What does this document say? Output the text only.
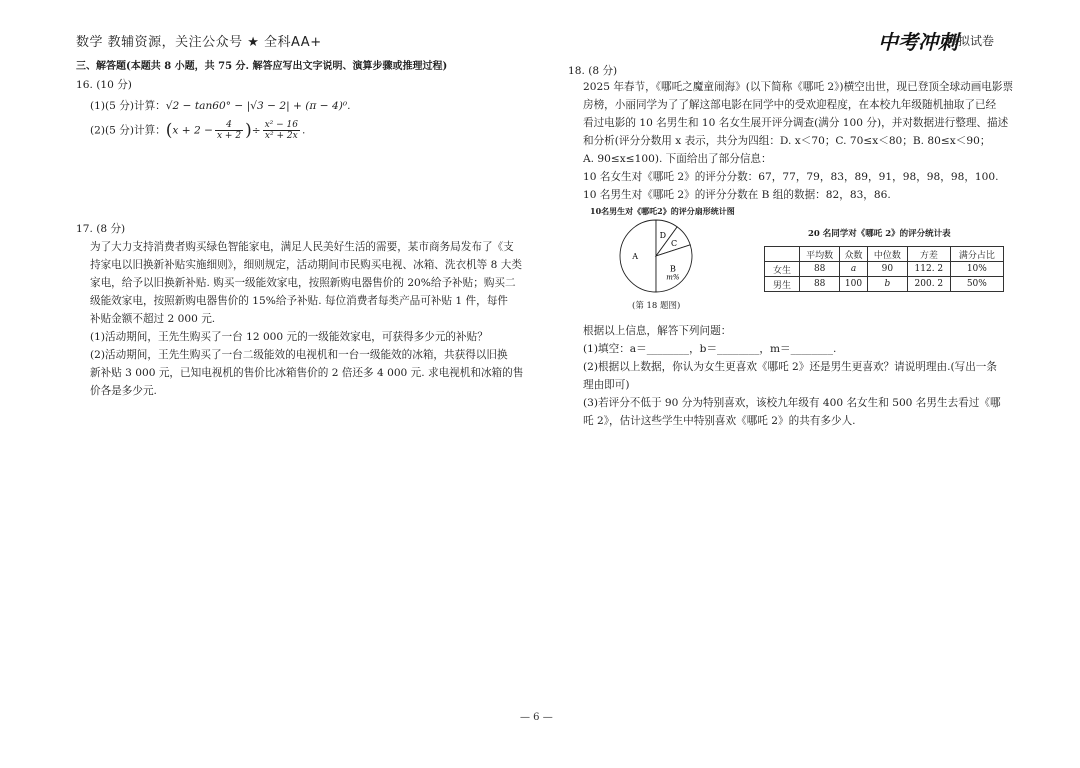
数学 教辅资源，关注公众号 ★ 全科AA+	中考冲刺
模拟试卷
三、解答题(本题共 8 小题，共 75 分. 解答应写出文字说明、演算步骤或推理过程)
16. (10 分)
(1)(5 分)计算：√2 − tan60° − |√3 − 2| + (π − 4)⁰.
(2)(5 分)计算：($x + 2 - \frac{4}{x + 2}$ )÷ $\frac{\text{x² − 16}}{\text{x² + 2x}}$ .
17. (8 分)
为了大力支持消费者购买绿色智能家电，满足人民美好生活的需要，某市商务局发布了《支
持家电以旧换新补贴实施细则》，细则规定，活动期间市民购买电视、冰箱、洗衣机等 8 大类
家电，给予以旧换新补贴. 购买一级能效家电，按照新购电器售价的 20%给予补贴；购买二
级能效家电，按照新购电器售价的 15%给予补贴. 每位消费者每类产品可补贴 1 件，每件
补贴金额不超过 2 000 元.
(1)活动期间，王先生购买了一台 12 000 元的一级能效家电，可获得多少元的补贴？
(2)活动期间，王先生购买了一台二级能效的电视机和一台一级能效的冰箱，共获得以旧换
新补贴 3 000 元，已知电视机的售价比冰箱售价的 2 倍还多 4 000 元. 求电视机和冰箱的售
价各是多少元.
18. (8 分)
2025 年春节，《哪吒之魔童闹海》(以下简称《哪吒 2》)横空出世，现已登顶全球动画电影票
房榜，小丽同学为了了解这部电影在同学中的受欢迎程度，在本校九年级随机抽取了已经
看过电影的 10 名男生和 10 名女生展开评分调查(满分 100 分)，并对数据进行整理、描述
和分析(评分分数用 x 表示，共分为四组：D. x＜70；C. 70≤x＜80；B. 80≤x＜90；
A. 90≤x≤100). 下面给出了部分信息：
10 名女生对《哪吒 2》的评分分数：67，77，79，83，89，91，98，98，98，100.
10 名男生对《哪吒 2》的评分分数在 B 组的数据：82，83，86.
10名男生对《哪吒2》的评分扇形统计图
A
D
C
B
m%
(第 18 题图)
20 名同学对《哪吒 2》的评分统计表
	平均数	众数	中位数	方差	满分占比
女生	88	a	90	112. 2	10%
男生	88	100	b	200. 2	50%
根据以上信息，解答下列问题：
(1)填空：a＝________，b＝________，m＝________.
(2)根据以上数据，你认为女生更喜欢《哪吒 2》还是男生更喜欢？请说明理由.(写出一条
理由即可)
(3)若评分不低于 90 分为特别喜欢，该校九年级有 400 名女生和 500 名男生去看过《哪
吒 2》，估计这些学生中特别喜欢《哪吒 2》的共有多少人.
— 6 —
